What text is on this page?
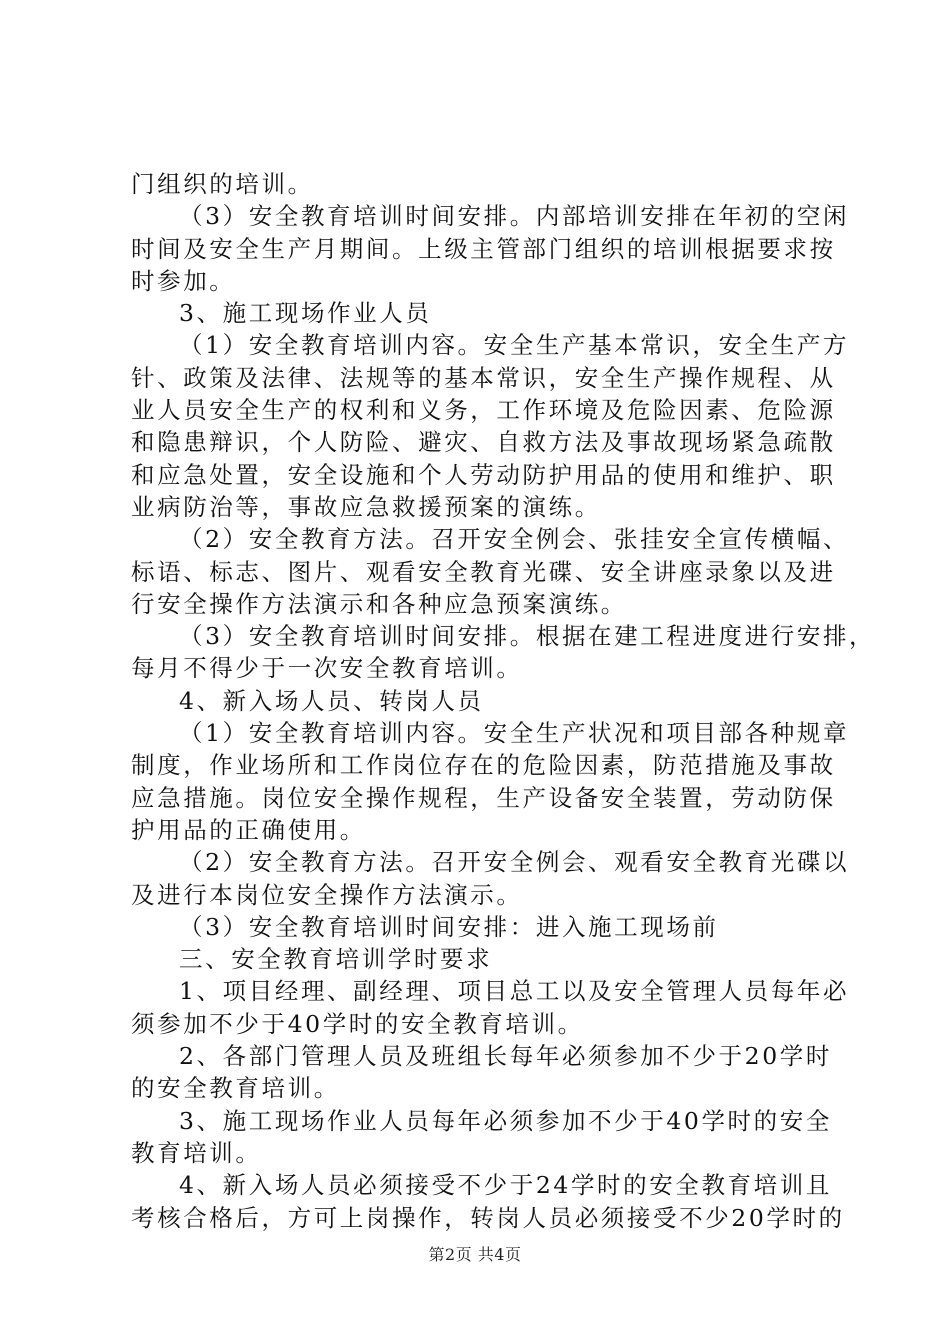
门组织的培训。
（3）安全教育培训时间安排。内部培训安排在年初的空闲
时间及安全生产月期间。上级主管部门组织的培训根据要求按
时参加。
3、施工现场作业人员
（1）安全教育培训内容。安全生产基本常识，安全生产方
针、政策及法律、法规等的基本常识，安全生产操作规程、从
业人员安全生产的权利和义务，工作环境及危险因素、危险源
和隐患辩识，个人防险、避灾、自救方法及事故现场紧急疏散
和应急处置，安全设施和个人劳动防护用品的使用和维护、职
业病防治等，事故应急救援预案的演练。
（2）安全教育方法。召开安全例会、张挂安全宣传横幅、
标语、标志、图片、观看安全教育光碟、安全讲座录象以及进
行安全操作方法演示和各种应急预案演练。
（3）安全教育培训时间安排。根据在建工程进度进行安排，
每月不得少于一次安全教育培训。
4、新入场人员、转岗人员
（1）安全教育培训内容。安全生产状况和项目部各种规章
制度，作业场所和工作岗位存在的危险因素，防范措施及事故
应急措施。岗位安全操作规程，生产设备安全装置，劳动防保
护用品的正确使用。
（2）安全教育方法。召开安全例会、观看安全教育光碟以
及进行本岗位安全操作方法演示。
（3）安全教育培训时间安排：进入施工现场前
三、安全教育培训学时要求
1、项目经理、副经理、项目总工以及安全管理人员每年必
须参加不少于40学时的安全教育培训。
2、各部门管理人员及班组长每年必须参加不少于20学时
的安全教育培训。
3、施工现场作业人员每年必须参加不少于40学时的安全
教育培训。
4、新入场人员必须接受不少于24学时的安全教育培训且
考核合格后，方可上岗操作，转岗人员必须接受不少20学时的
第2页 共4页
